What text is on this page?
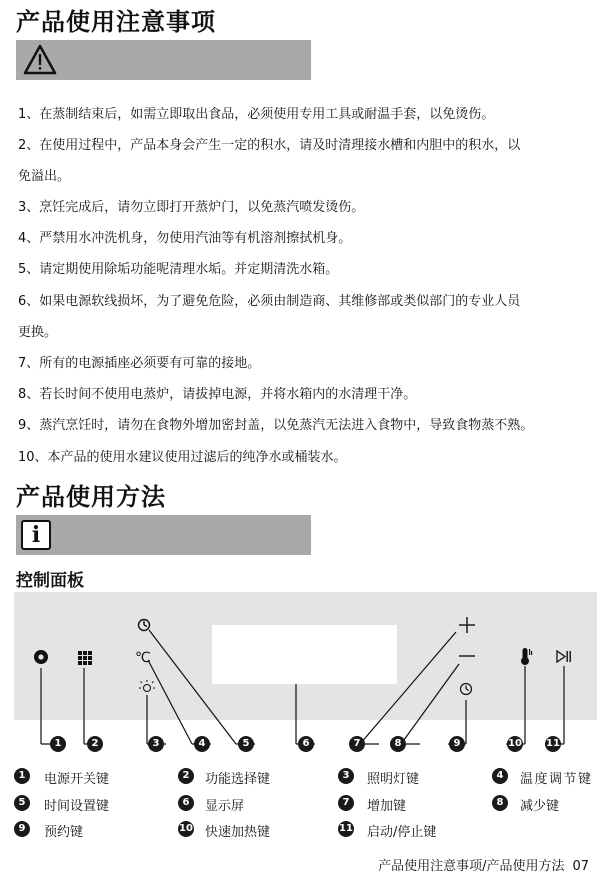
产品使用注意事项
1、在蒸制结束后，如需立即取出食品，必须使用专用工具或耐温手套，以免烫伤。
2、在使用过程中，产品本身会产生一定的积水，请及时清理接水槽和内胆中的积水，以
免溢出。
3、烹饪完成后，请勿立即打开蒸炉门，以免蒸汽喷发烫伤。
4、严禁用水冲洗机身，勿使用汽油等有机溶剂擦拭机身。
5、请定期使用除垢功能呢清理水垢。并定期清洗水箱。
6、如果电源软线损坏，为了避免危险，必须由制造商、其维修部或类似部门的专业人员
更换。
7、所有的电源插座必须要有可靠的接地。
8、若长时间不使用电蒸炉，请拔掉电源，并将水箱内的水清理干净。
9、蒸汽烹饪时，请勿在食物外增加密封盖，以免蒸汽无法进入食物中，导致食物蒸不熟。
10、本产品的使用水建议使用过滤后的纯净水或桶装水。
产品使用方法
i
控制面板
℃
1	2	3	4	5	6	7	8	9	10 11
1	电源开关键	2	功能选择键	3	照明灯键	4	温度调节键
5	时间设置键	6	显示屏	7	增加键	8	减少键
9	预约键	10 快速加热键	11 启动/停止键
产品使用注意事项/产品使用方法 07
